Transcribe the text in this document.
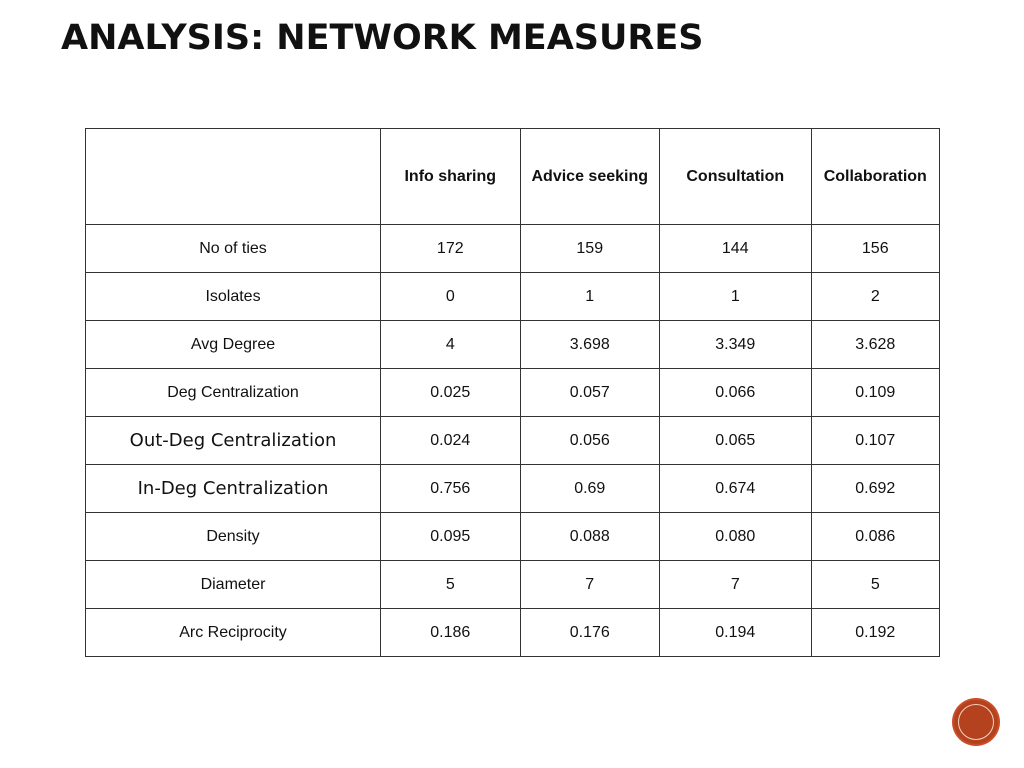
ANALYSIS: NETWORK MEASURES
	Info sharing	Advice seeking	Consultation	Collaboration
No of ties	172	159	144	156
Isolates	0	1	1	2
Avg Degree	4	3.698	3.349	3.628
Deg Centralization	0.025	0.057	0.066	0.109
Out-Deg Centralization	0.024	0.056	0.065	0.107
In-Deg Centralization	0.756	0.69	0.674	0.692
Density	0.095	0.088	0.080	0.086
Diameter	5	7	7	5
Arc Reciprocity	0.186	0.176	0.194	0.192
